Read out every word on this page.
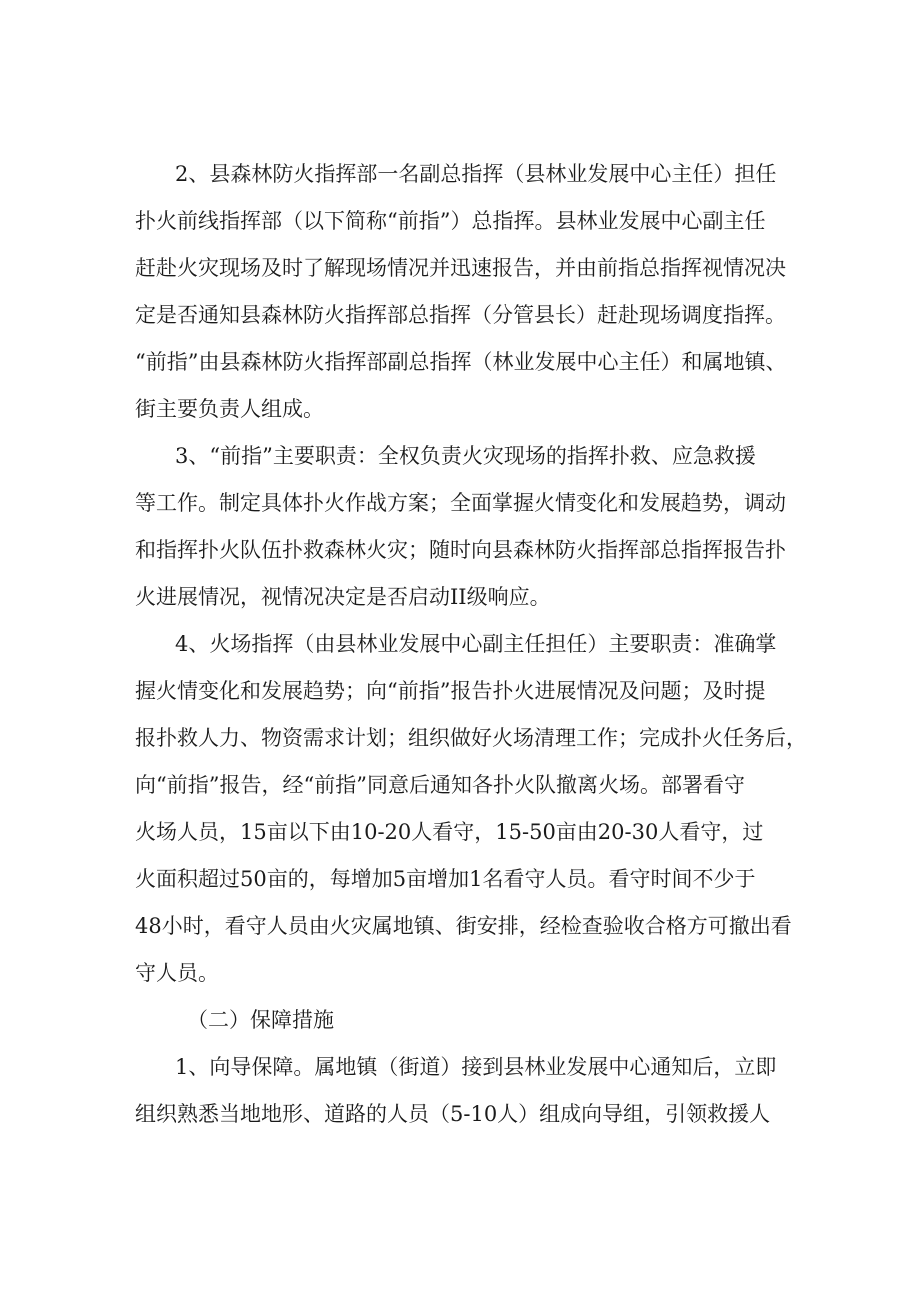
2、县森林防火指挥部一名副总指挥（县林业发展中心主任）担任
扑火前线指挥部（以下简称“前指”）总指挥。县林业发展中心副主任
赶赴火灾现场及时了解现场情况并迅速报告，并由前指总指挥视情况决
定是否通知县森林防火指挥部总指挥（分管县长）赶赴现场调度指挥。
“前指”由县森林防火指挥部副总指挥（林业发展中心主任）和属地镇、
街主要负责人组成。
3、“前指”主要职责：全权负责火灾现场的指挥扑救、应急救援
等工作。制定具体扑火作战方案；全面掌握火情变化和发展趋势，调动
和指挥扑火队伍扑救森林火灾；随时向县森林防火指挥部总指挥报告扑
火进展情况，视情况决定是否启动II级响应。
4、火场指挥（由县林业发展中心副主任担任）主要职责：准确掌
握火情变化和发展趋势；向“前指”报告扑火进展情况及问题；及时提
报扑救人力、物资需求计划；组织做好火场清理工作；完成扑火任务后，
向“前指”报告，经“前指”同意后通知各扑火队撤离火场。部署看守
火场人员，15亩以下由10-20人看守，15-50亩由20-30人看守，过
火面积超过50亩的，每增加5亩增加1名看守人员。看守时间不少于
48小时，看守人员由火灾属地镇、街安排，经检查验收合格方可撤出看
守人员。
（二）保障措施
1、向导保障。属地镇（街道）接到县林业发展中心通知后，立即
组织熟悉当地地形、道路的人员（5-10人）组成向导组，引领救援人
